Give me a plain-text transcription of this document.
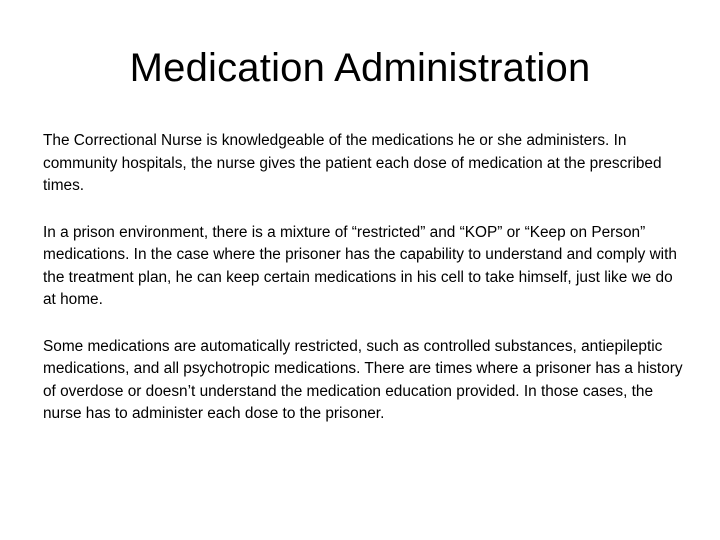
Medication Administration

The Correctional Nurse is knowledgeable of the medications he or she administers. In community hospitals, the nurse gives the patient each dose of medication at the prescribed times.

In a prison environment, there is a mixture of “restricted” and “KOP” or “Keep on Person” medications. In the case where the prisoner has the capability to understand and comply with the treatment plan, he can keep certain medications in his cell to take himself, just like we do at home.

Some medications are automatically restricted, such as controlled substances, antiepileptic medications, and all psychotropic medications. There are times where a prisoner has a history of overdose or doesn’t understand the medication education provided. In those cases, the nurse has to administer each dose to the prisoner.
